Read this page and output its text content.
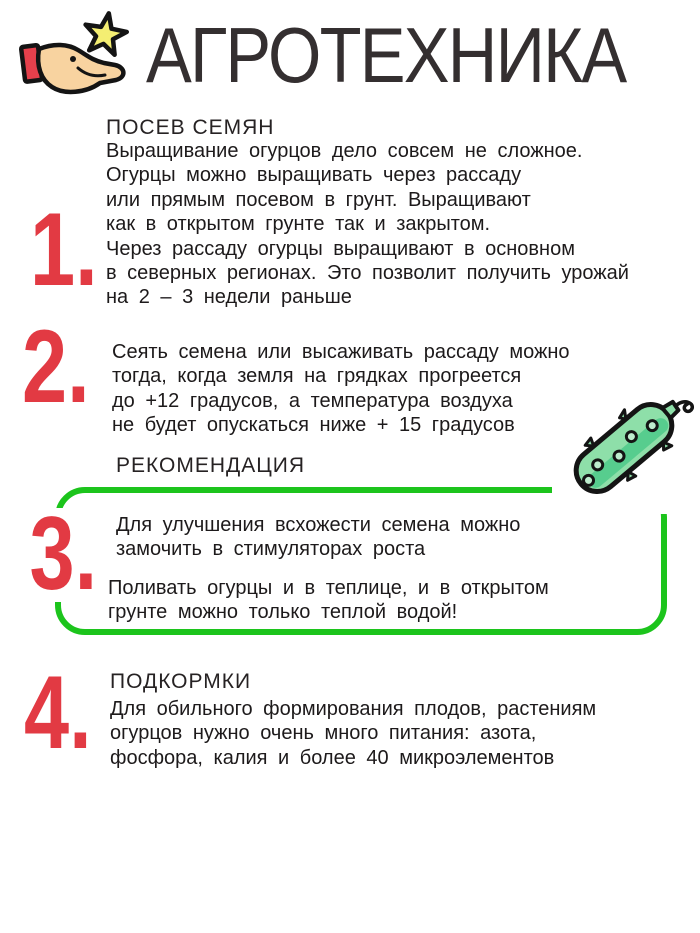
АГРОТЕХНИКА
1.
ПОСЕВ СЕМЯН
Выращивание огурцов дело совсем не сложное.
Огурцы можно выращивать через рассаду
или прямым посевом в грунт. Выращивают
как в открытом грунте так и закрытом.
Через рассаду огурцы выращивают в основном
в северных регионах. Это позволит получить урожай
на 2 – 3 недели раньше
2. Сеять семена или высаживать рассаду можно
тогда, когда земля на грядках прогреется
до +12 градусов, а температура воздуха
не будет опускаться ниже + 15 градусов
РЕКОМЕНДАЦИЯ
3. Для улучшения всхожести семена можно
замочить в стимуляторах роста
Поливать огурцы и в теплице, и в открытом
грунте можно только теплой водой!
ПОДКОРМКИ
4. Для обильного формирования плодов, растениям
огурцов нужно очень много питания: азота,
фосфора, калия и более 40 микроэлементов
